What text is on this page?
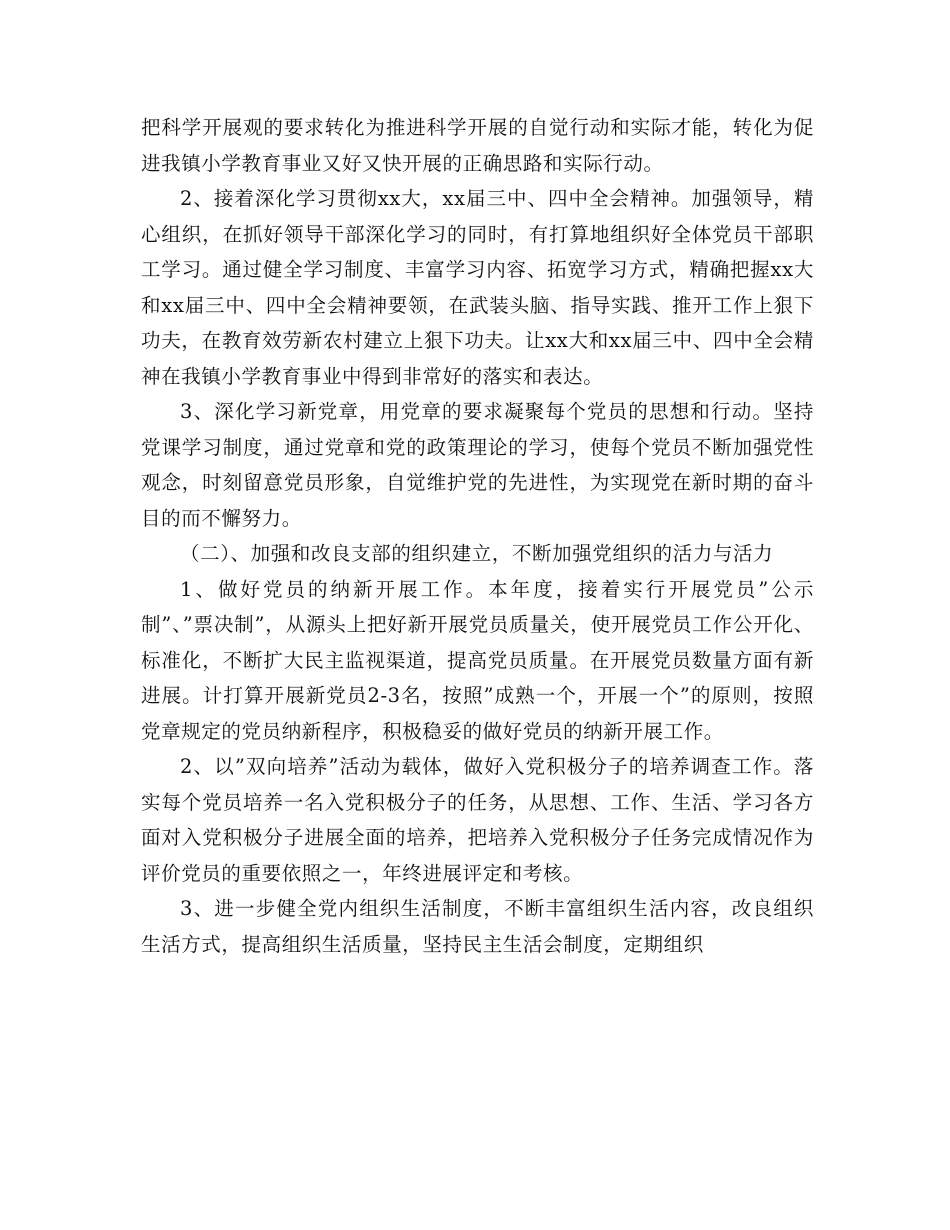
把科学开展观的要求转化为推进科学开展的自觉行动和实际才能，转化为促进我镇小学教育事业又好又快开展的正确思路和实际行动。

2、接着深化学习贯彻xx大，xx届三中、四中全会精神。加强领导，精心组织，在抓好领导干部深化学习的同时，有打算地组织好全体党员干部职工学习。通过健全学习制度、丰富学习内容、拓宽学习方式，精确把握xx大和xx届三中、四中全会精神要领，在武装头脑、指导实践、推开工作上狠下功夫，在教育效劳新农村建立上狠下功夫。让xx大和xx届三中、四中全会精神在我镇小学教育事业中得到非常好的落实和表达。

3、深化学习新党章，用党章的要求凝聚每个党员的思想和行动。坚持党课学习制度，通过党章和党的政策理论的学习，使每个党员不断加强党性观念，时刻留意党员形象，自觉维护党的先进性，为实现党在新时期的奋斗目的而不懈努力。

（二）、加强和改良支部的组织建立，不断加强党组织的活力与活力

1、做好党员的纳新开展工作。本年度，接着实行开展党员”公示制”、”票决制”，从源头上把好新开展党员质量关，使开展党员工作公开化、标准化，不断扩大民主监视渠道，提高党员质量。在开展党员数量方面有新进展。计打算开展新党员2-3名，按照”成熟一个，开展一个”的原则，按照党章规定的党员纳新程序，积极稳妥的做好党员的纳新开展工作。

2、以”双向培养”活动为载体，做好入党积极分子的培养调查工作。落实每个党员培养一名入党积极分子的任务，从思想、工作、生活、学习各方面对入党积极分子进展全面的培养，把培养入党积极分子任务完成情况作为评价党员的重要依照之一，年终进展评定和考核。

3、进一步健全党内组织生活制度，不断丰富组织生活内容，改良组织生活方式，提高组织生活质量，坚持民主生活会制度，定期组织
